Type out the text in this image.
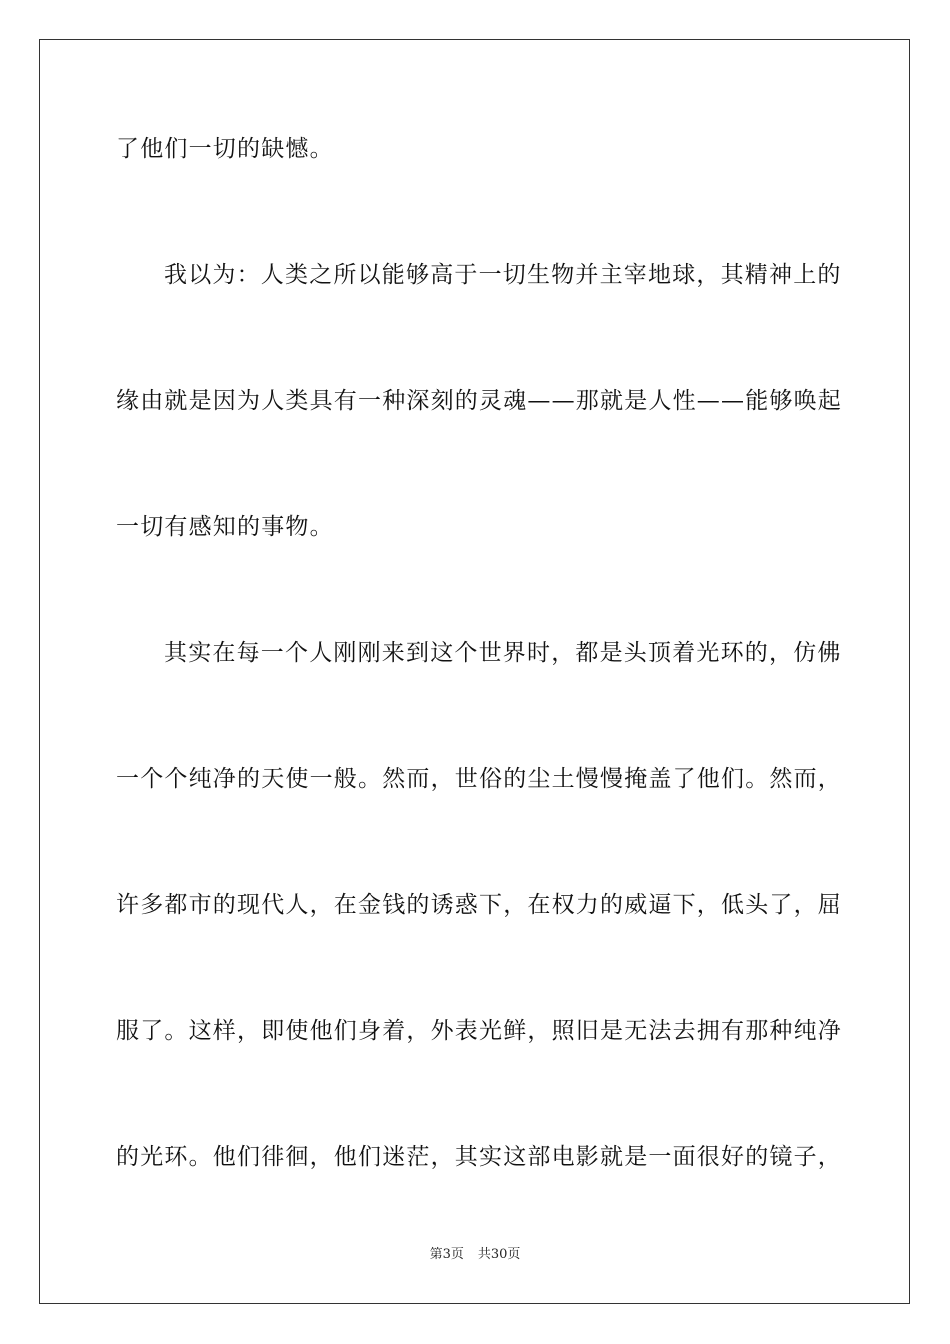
了他们一切的缺憾。
我以为：人类之所以能够高于一切生物并主宰地球，其精神上的
缘由就是因为人类具有一种深刻的灵魂——那就是人性——能够唤起
一切有感知的事物。
其实在每一个人刚刚来到这个世界时，都是头顶着光环的，仿佛
一个个纯净的天使一般。然而，世俗的尘土慢慢掩盖了他们。然而，
许多都市的现代人，在金钱的诱惑下，在权力的威逼下，低头了，屈
服了。这样，即使他们身着，外表光鲜，照旧是无法去拥有那种纯净
的光环。他们徘徊，他们迷茫，其实这部电影就是一面很好的镜子，
第3页 共30页
